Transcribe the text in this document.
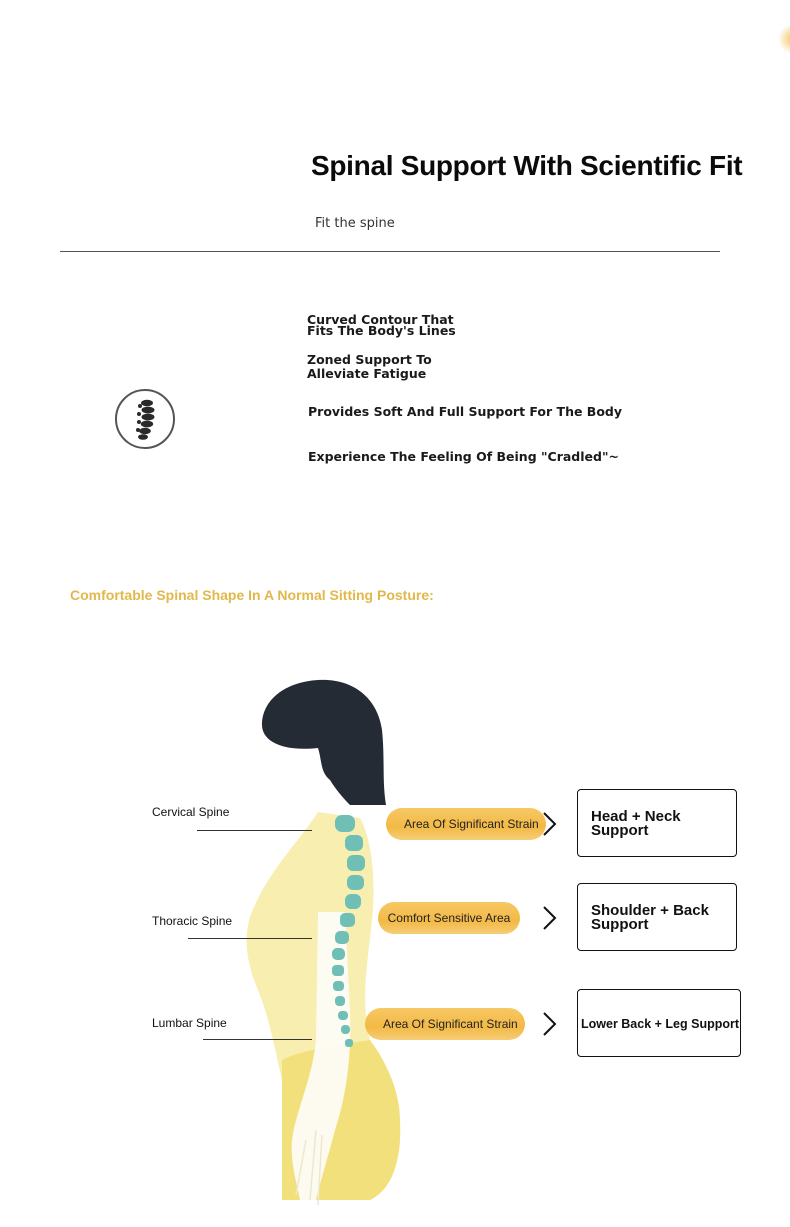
Spinal Support With Scientific Fit
Fit the spine
Curved Contour That Fits The Body's Lines
Zoned Support To Alleviate Fatigue
Provides Soft And Full Support For The Body
Experience The Feeling Of Being "Cradled"~
Comfortable Spinal Shape In A Normal Sitting Posture:
Cervical Spine
Thoracic Spine
Lumbar Spine
Area Of Significant Strain
Comfort Sensitive Area
Area Of Significant Strain
Head + Neck Support
Shoulder + Back Support
Lower Back + Leg Support
